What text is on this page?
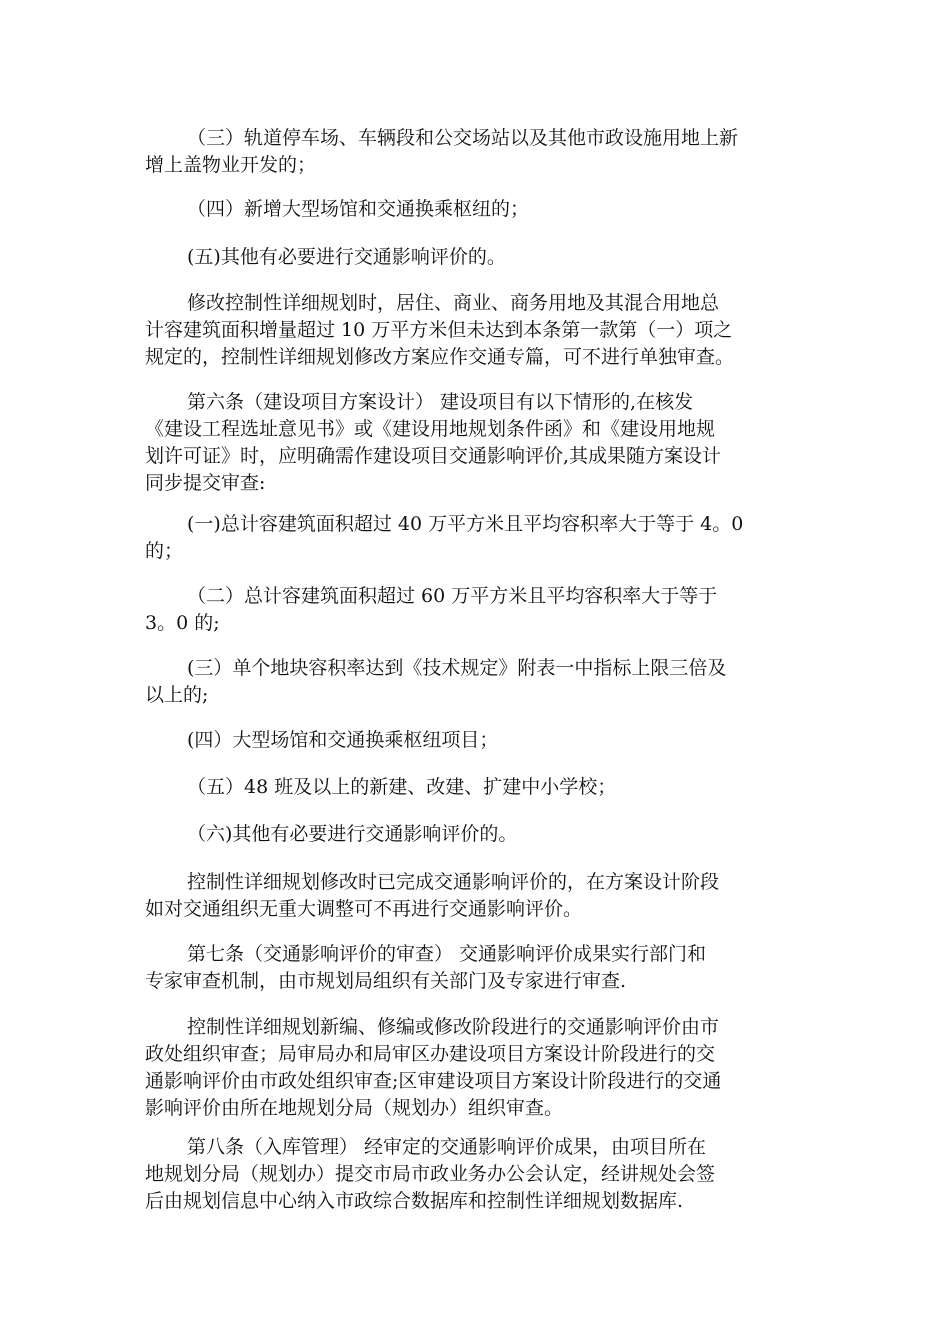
（三）轨道停车场、车辆段和公交场站以及其他市政设施用地上新
增上盖物业开发的；

（四）新增大型场馆和交通换乘枢纽的；

(五)其他有必要进行交通影响评价的。

修改控制性详细规划时，居住、商业、商务用地及其混合用地总
计容建筑面积增量超过 10 万平方米但未达到本条第一款第（一）项之
规定的，控制性详细规划修改方案应作交通专篇，可不进行单独审查。

第六条（建设项目方案设计） 建设项目有以下情形的,在核发
《建设工程选址意见书》或《建设用地规划条件函》和《建设用地规
划许可证》时，应明确需作建设项目交通影响评价,其成果随方案设计
同步提交审查:

(一)总计容建筑面积超过 40 万平方米且平均容积率大于等于 4。0
的；

（二）总计容建筑面积超过 60 万平方米且平均容积率大于等于
3。0 的;

(三）单个地块容积率达到《技术规定》附表一中指标上限三倍及
以上的;

(四）大型场馆和交通换乘枢纽项目；

（五）48 班及以上的新建、改建、扩建中小学校；

（六)其他有必要进行交通影响评价的。

控制性详细规划修改时已完成交通影响评价的，在方案设计阶段
如对交通组织无重大调整可不再进行交通影响评价。

第七条（交通影响评价的审查） 交通影响评价成果实行部门和
专家审查机制，由市规划局组织有关部门及专家进行审查.

控制性详细规划新编、修编或修改阶段进行的交通影响评价由市
政处组织审查；局审局办和局审区办建设项目方案设计阶段进行的交
通影响评价由市政处组织审查;区审建设项目方案设计阶段进行的交通
影响评价由所在地规划分局（规划办）组织审查。

第八条（入库管理） 经审定的交通影响评价成果，由项目所在
地规划分局（规划办）提交市局市政业务办公会认定，经讲规处会签
后由规划信息中心纳入市政综合数据库和控制性详细规划数据库.
